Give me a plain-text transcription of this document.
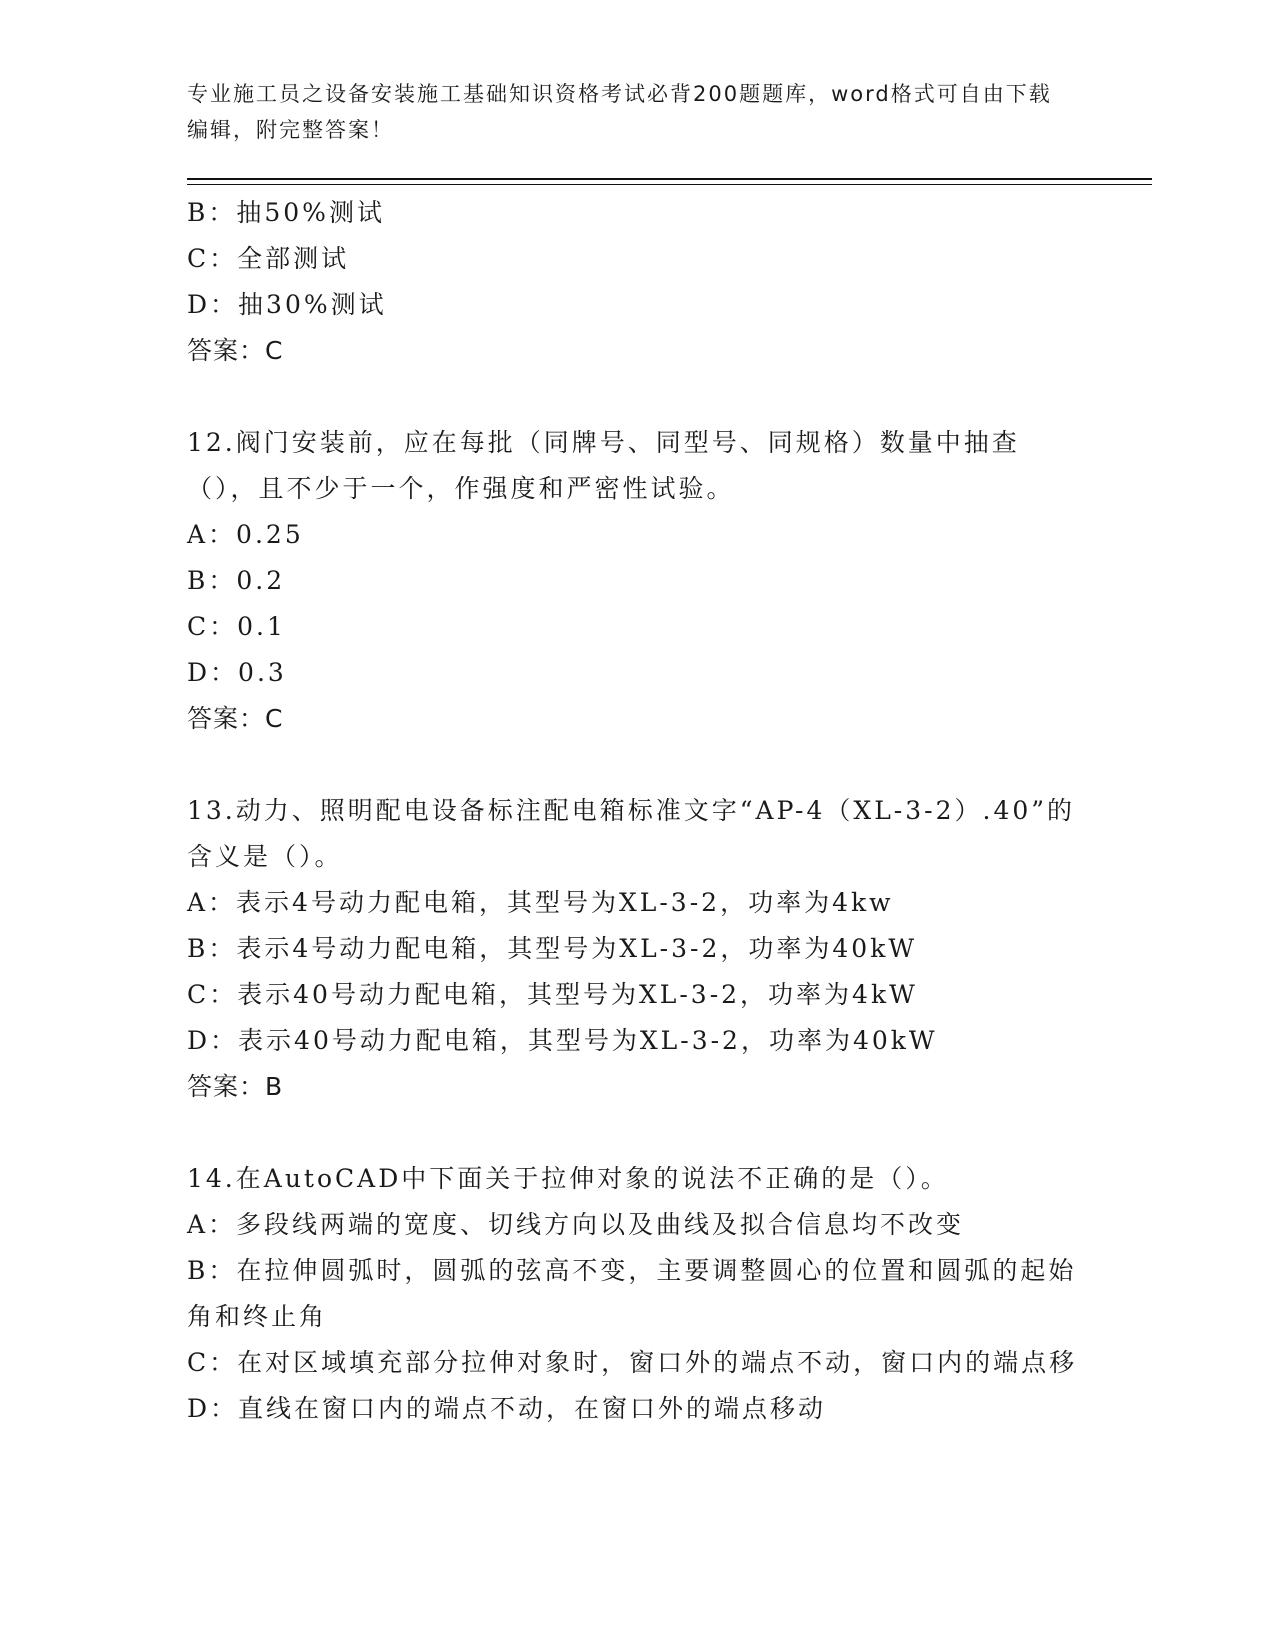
专业施工员之设备安装施工基础知识资格考试必背200题题库，word格式可自由下载编辑，附完整答案！
B：抽50%测试
C：全部测试
D：抽30%测试
答案：C
12.阀门安装前，应在每批（同牌号、同型号、同规格）数量中抽查（），且不少于一个，作强度和严密性试验。
A：0.25
B：0.2
C：0.1
D：0.3
答案：C
13.动力、照明配电设备标注配电箱标准文字“AP-4（XL-3-2）.40”的含义是（）。
A：表示4号动力配电箱，其型号为XL-3-2，功率为4kw
B：表示4号动力配电箱，其型号为XL-3-2，功率为40kW
C：表示40号动力配电箱，其型号为XL-3-2，功率为4kW
D：表示40号动力配电箱，其型号为XL-3-2，功率为40kW
答案：B
14.在AutoCAD中下面关于拉伸对象的说法不正确的是（）。
A：多段线两端的宽度、切线方向以及曲线及拟合信息均不改变
B：在拉伸圆弧时，圆弧的弦高不变，主要调整圆心的位置和圆弧的起始角和终止角
C：在对区域填充部分拉伸对象时，窗口外的端点不动，窗口内的端点移
D：直线在窗口内的端点不动，在窗口外的端点移动
